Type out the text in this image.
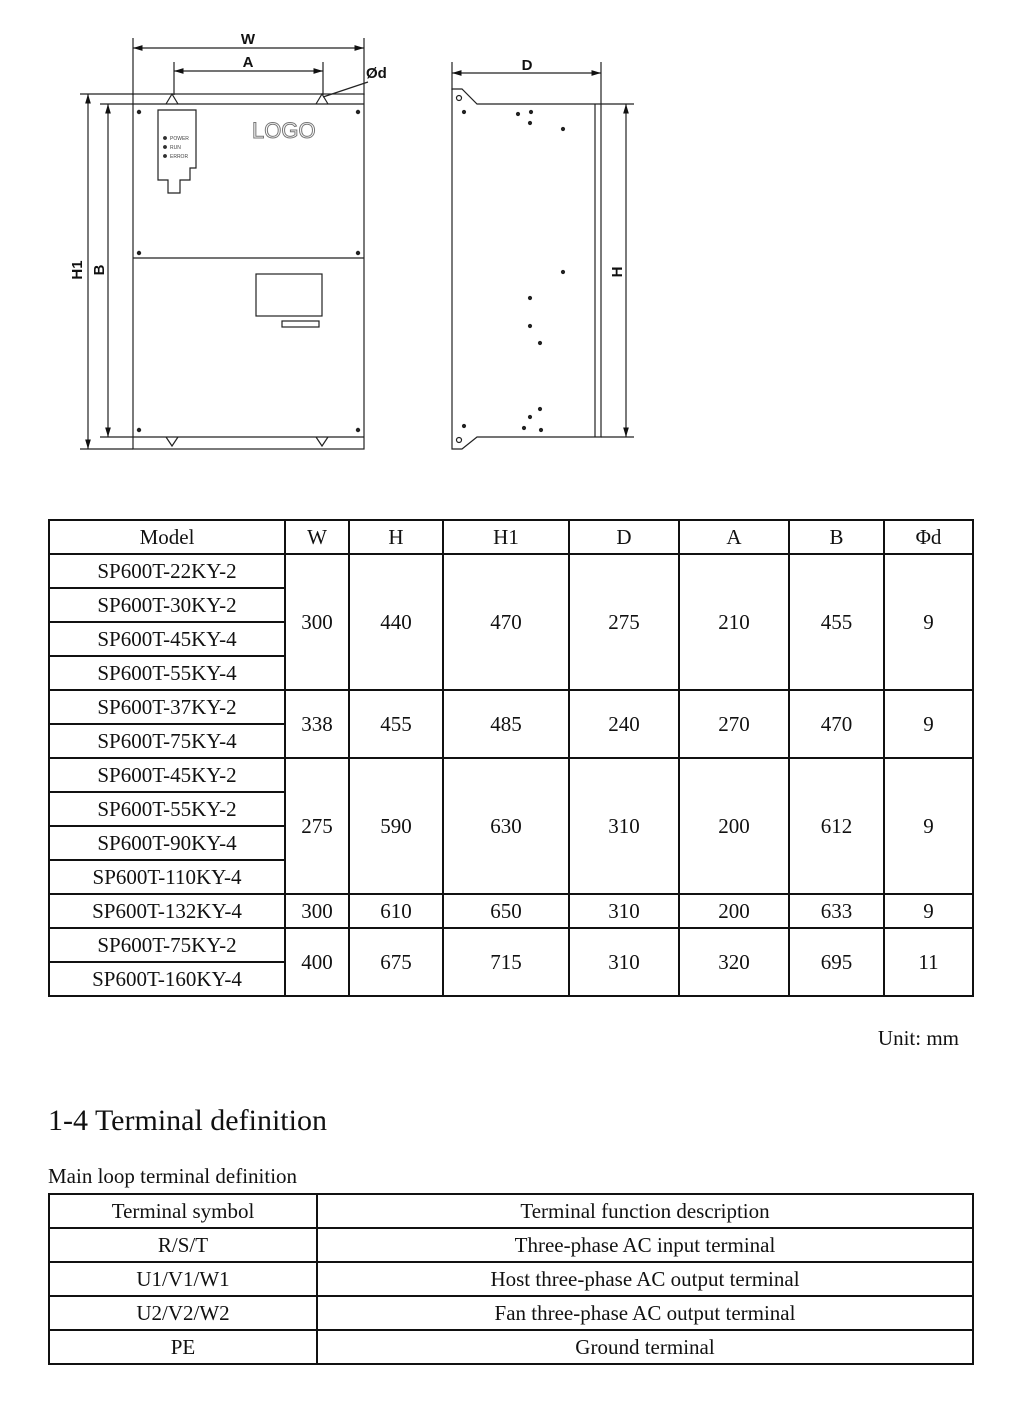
W
A
Ød
H1 B
LOGO
POWER
RUN
ERROR
D
H
Model	W	H	H1	D	A	B	Φd
SP600T-22KY-2	300	440	470	275	210	455	9
SP600T-30KY-2							
SP600T-45KY-4							
SP600T-55KY-4							
SP600T-37KY-2	338	455	485	240	270	470	9
SP600T-75KY-4							
SP600T-45KY-2	275	590	630	310	200	612	9
SP600T-55KY-2							
SP600T-90KY-4							
SP600T-110KY-4							
SP600T-132KY-4	300	610	650	310	200	633	9
SP600T-75KY-2	400	675	715	310	320	695	11
SP600T-160KY-4							
Unit: mm
1-4 Terminal definition
Main loop terminal definition
Terminal symbol	Terminal function description
R/S/T	Three-phase AC input terminal
U1/V1/W1	Host three-phase AC output terminal
U2/V2/W2	Fan three-phase AC output terminal
PE	Ground terminal
